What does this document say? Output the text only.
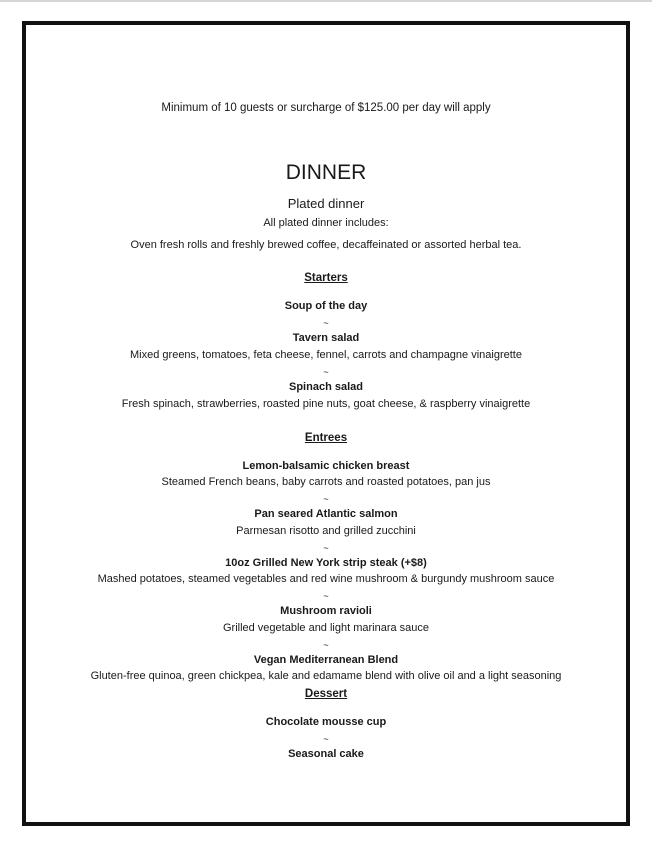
Minimum of 10 guests or surcharge of $125.00 per day will apply
DINNER
Plated dinner
All plated dinner includes:
Oven fresh rolls and freshly brewed coffee, decaffeinated or assorted herbal tea.
Starters
Soup of the day
~
Tavern salad
Mixed greens, tomatoes, feta cheese, fennel, carrots and champagne vinaigrette
~
Spinach salad
Fresh spinach, strawberries, roasted pine nuts, goat cheese, & raspberry vinaigrette
Entrees
Lemon-balsamic chicken breast
Steamed French beans, baby carrots and roasted potatoes, pan jus
~
Pan seared Atlantic salmon
Parmesan risotto and grilled zucchini
~
10oz Grilled New York strip steak (+$8)
Mashed potatoes, steamed vegetables and red wine mushroom & burgundy mushroom sauce
~
Mushroom ravioli
Grilled vegetable and light marinara sauce
~
Vegan Mediterranean Blend
Gluten-free quinoa, green chickpea, kale and edamame blend with olive oil and a light seasoning
Dessert
Chocolate mousse cup
~
Seasonal cake
